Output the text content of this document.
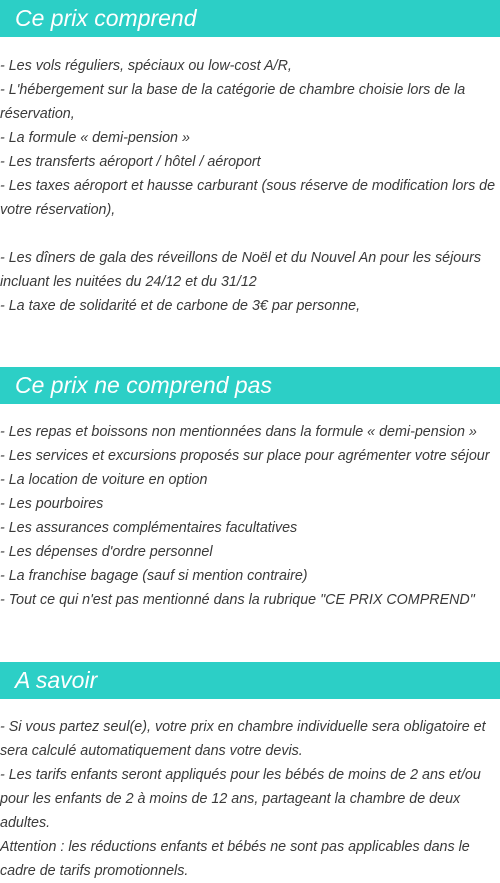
Ce prix comprend
- Les vols réguliers, spéciaux ou low-cost A/R,
- L'hébergement sur la base de la catégorie de chambre choisie lors de la réservation,
- La formule « demi-pension »
- Les transferts aéroport / hôtel / aéroport
- Les taxes aéroport et hausse carburant (sous réserve de modification lors de votre réservation),
- Les dîners de gala des réveillons de Noël et du Nouvel An pour les séjours incluant les nuitées du 24/12 et du 31/12
- La taxe de solidarité et de carbone de 3€ par personne,
Ce prix ne comprend pas
- Les repas et boissons non mentionnées dans la formule « demi-pension »
- Les services et excursions proposés sur place pour agrémenter votre séjour
- La location de voiture en option
- Les pourboires
- Les assurances complémentaires facultatives
- Les dépenses d'ordre personnel
- La franchise bagage (sauf si mention contraire)
- Tout ce qui n'est pas mentionné dans la rubrique "CE PRIX COMPREND"
A savoir
- Si vous partez seul(e), votre prix en chambre individuelle sera obligatoire et sera calculé automatiquement dans votre devis.
- Les tarifs enfants seront appliqués pour les bébés de moins de 2 ans et/ou pour les enfants de 2 à moins de 12 ans, partageant la chambre de deux adultes.
Attention : les réductions enfants et bébés ne sont pas applicables dans le cadre de tarifs promotionnels.
